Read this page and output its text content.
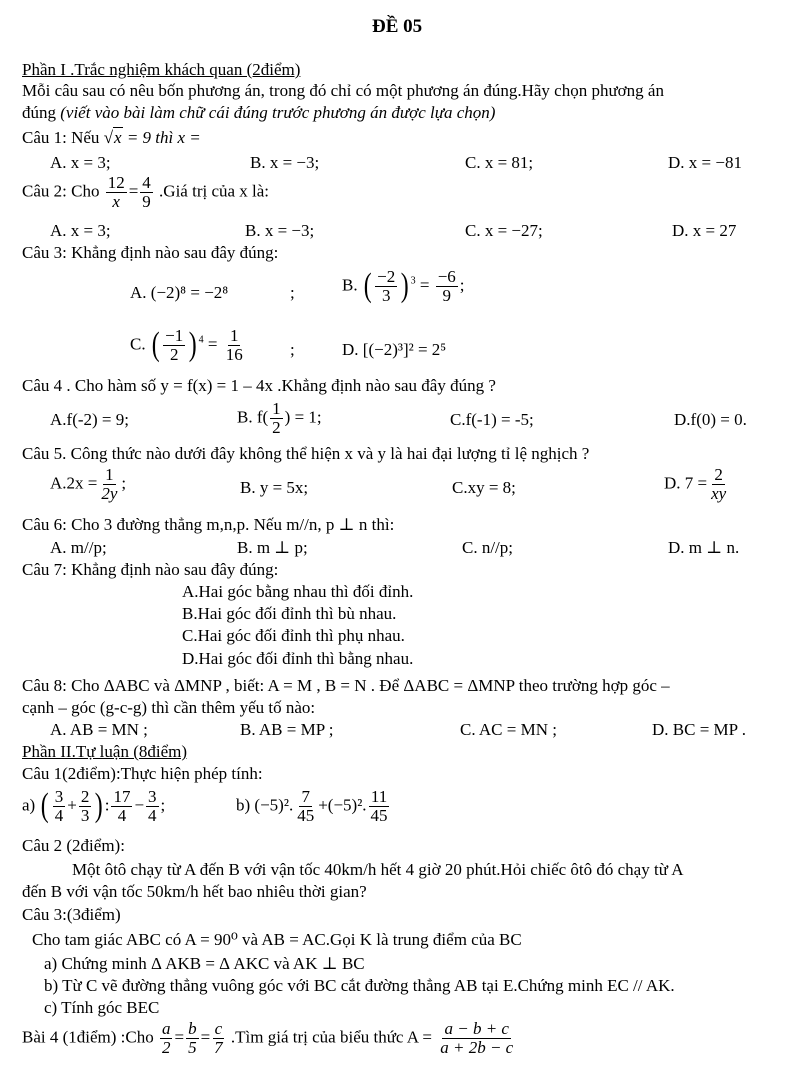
ĐỀ 05
Phần I .Trắc nghiệm khách quan (2điểm)
Mỗi câu sau có nêu bốn phương án, trong đó chỉ có một phương án đúng.Hãy chọn phương án
đúng (viết vào bài làm chữ cái đúng trước phương án được lựa chọn)
Câu 1: Nếu √x = 9 thì x =
A. x = 3;	B. x = −3;	C. x = 81;	D. x = −81
Câu 2: Cho $\frac{12}{x} = \frac{4}{9}$ .Giá trị của x là:
A. x = 3;	B. x = −3;	C. x = −27;	D. x = 27
Câu 3: Khẳng định nào sau đây đúng:
A. (−2)⁸ = −2⁸	;	B. ( $\frac{-2}{3}$ ) $^3 = \frac{-6}{9}$ ;
C. ( $\frac{-1}{2}$ ) $^4 = \frac{1}{16}$	;	D. [(−2)³]² = 2⁵
Câu 4 . Cho hàm số y = f(x) = 1 – 4x .Khẳng định nào sau đây đúng ?
A.f(-2) = 9;	B. $f( \frac{1}{2}$ ) = 1;	C.f(-1) = -5;	D.f(0) = 0.
Câu 5. Công thức nào dưới đây không thể hiện x và y là hai đại lượng tỉ lệ nghịch ?
$A.2x = \frac{1}{2y}$ ;	B. y = 5x;	C.xy = 8;	D. $7 = \frac{2}{xy}$
Câu 6: Cho 3 đường thẳng m,n,p. Nếu m//n, p ⊥ n thì:
A. m//p;	B. m ⊥ p;	C. n//p;	D. m ⊥ n.
Câu 7: Khẳng định nào sau đây đúng:
A.Hai góc bằng nhau thì đối đỉnh.
B.Hai góc đối đỉnh thì bù nhau.
C.Hai góc đối đỉnh thì phụ nhau.
D.Hai góc đối đỉnh thì bằng nhau.
Câu 8: Cho ΔABC và ΔMNP , biết: A = M , B = N . Để ΔABC = ΔMNP theo trường hợp góc –
cạnh – góc (g-c-g) thì cần thêm yếu tố nào:
A. AB = MN ;	B. AB = MP ;	C. AC = MN ;	D. BC = MP .
Phần II.Tự luận (8điểm)
Câu 1(2điểm):Thực hiện phép tính:
a) ( $\frac{3}{4} + \frac{2}{3}$ ): $\frac{17}{4} - \frac{3}{4}$ ;	b) (−5)². $\frac{7}{45} +(-5)^2$. $\frac{11}{45}$
Câu 2 (2điểm):
Một ôtô chạy từ A đến B với vận tốc 40km/h hết 4 giờ 20 phút.Hỏi chiếc ôtô đó chạy từ A
đến B với vận tốc 50km/h hết bao nhiêu thời gian?
Câu 3:(3điểm)
Cho tam giác ABC có A = 90⁰ và AB = AC.Gọi K là trung điểm của BC
a) Chứng minh Δ AKB = Δ AKC và AK ⊥ BC
b) Từ C vẽ đường thẳng vuông góc với BC cắt đường thẳng AB tại E.Chứng minh EC // AK.
c) Tính góc BEC
Bài 4 (1điểm) :Cho $\frac{a}{2} = \frac{b}{5} = \frac{c}{7}$ .Tìm giá trị của biểu thức $A = \frac{a - b + c}{a + 2b - c}$
